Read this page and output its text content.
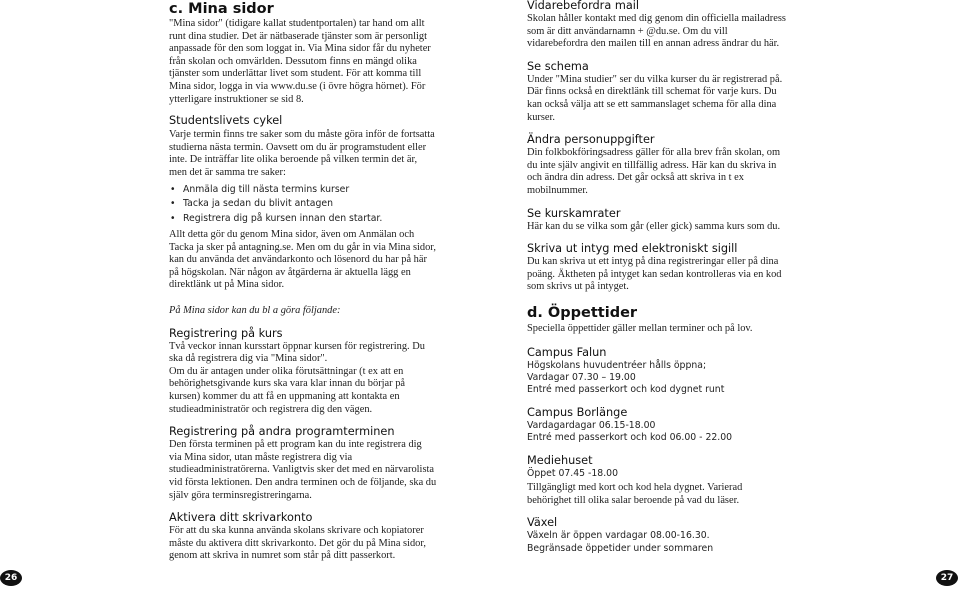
c. Mina sidor

"Mina sidor" (tidigare kallat studentportalen) tar hand om allt runt dina studier. Det är nätbaserade tjänster som är personligt anpassade för den som loggat in. Via Mina sidor får du nyheter från skolan och omvärlden. Dessutom finns en mängd olika tjänster som underlättar livet som student. För att komma till Mina sidor, logga in via www.du.se (i övre högra hörnet). För ytterligare instruktioner se sid 8.

Studentslivets cykel

Varje termin finns tre saker som du måste göra inför de fortsatta studierna nästa termin. Oavsett om du är programstudent eller inte. De inträffar lite olika beroende på vilken termin det är, men det är samma tre saker:

• Anmäla dig till nästa termins kurser
• Tacka ja sedan du blivit antagen
• Registrera dig på kursen innan den startar.

Allt detta gör du genom Mina sidor, även om Anmälan och Tacka ja sker på antagning.se. Men om du går in via Mina sidor, kan du använda det användarkonto och lösenord du har på här på högskolan. När någon av åtgärderna är aktuella lägg en direktlänk ut på Mina sidor.

På Mina sidor kan du bl a göra följande:

Registrering på kurs

Två veckor innan kursstart öppnar kursen för registrering. Du ska då registrera dig via "Mina sidor".

Om du är antagen under olika förutsättningar (t ex att en behörighetsgivande kurs ska vara klar innan du börjar på kursen) kommer du att få en uppmaning att kontakta en studieadministratör och registrera dig den vägen.

Registrering på andra programterminen

Den första terminen på ett program kan du inte registrera dig via Mina sidor, utan måste registrera dig via studieadministratörerna. Vanligtvis sker det med en närvarolista vid första lektionen. Den andra terminen och de följande, ska du själv göra terminsregistreringarna.

Aktivera ditt skrivarkonto

För att du ska kunna använda skolans skrivare och kopiatorer måste du aktivera ditt skrivarkonto. Det gör du på Mina sidor, genom att skriva in numret som står på ditt passerkort.

Vidarebefordra mail

Skolan håller kontakt med dig genom din officiella mailadress som är ditt användarnamn + @du.se. Om du vill vidarebefordra den mailen till en annan adress ändrar du här.

Se schema

Under "Mina studier" ser du vilka kurser du är registrerad på. Där finns också en direktlänk till schemat för varje kurs. Du kan också välja att se ett sammanslaget schema för alla dina kurser.

Ändra personuppgifter

Din folkbokföringsadress gäller för alla brev från skolan, om du inte själv angivit en tillfällig adress. Här kan du skriva in och ändra din adress. Det går också att skriva in t ex mobilnummer.

Se kurskamrater

Här kan du se vilka som går (eller gick) samma kurs som du.

Skriva ut intyg med elektroniskt sigill

Du kan skriva ut ett intyg på dina registreringar eller på dina poäng. Äktheten på intyget kan sedan kontrolleras via en kod som skrivs ut på intyget.

d. Öppettider

Speciella öppettider gäller mellan terminer och på lov.

Campus Falun
Högskolans huvudentréer hålls öppna;
Vardagar 07.30 – 19.00
Entré med passerkort och kod dygnet runt
Campus Borlänge
Vardagardagar 06.15-18.00
Entré med passerkort och kod 06.00 - 22.00
Mediehuset
Öppet 07.45 -18.00

Tillgängligt med kort och kod hela dygnet. Varierad behörighet till olika salar beroende på vad du läser.

Växel
Växeln är öppen vardagar 08.00-16.30.
Begränsade öppetider under sommaren
26	27
